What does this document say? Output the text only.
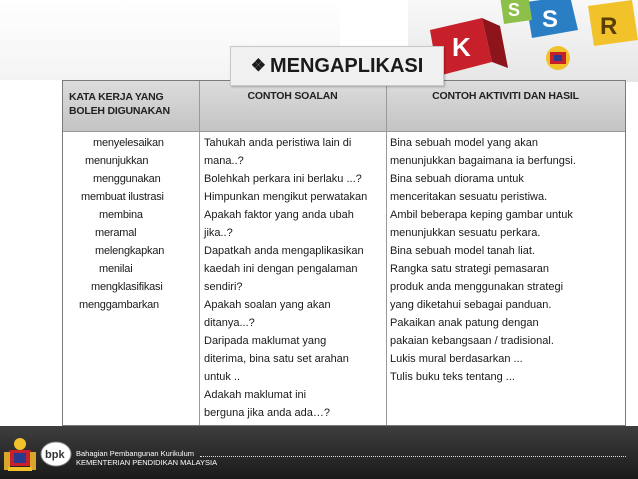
K
S
S
R
❖ MENGAPLIKASI
KATA KERJA YANG
BOLEH DIGUNAKAN
CONTOH SOALAN	CONTOH AKTIVITI DAN HASIL
menyelesaikan
menunjukkan
menggunakan
membuat ilustrasi
membina
meramal
melengkapkan
menilai
mengklasifikasi
menggambarkan
Tahukah anda peristiwa lain di
mana..?
Bolehkah perkara ini berlaku ...?
Himpunkan mengikut perwatakan
Apakah faktor yang anda ubah
jika..?
Dapatkah anda mengaplikasikan
kaedah ini dengan pengalaman
sendiri?
Apakah soalan yang akan
ditanya...?
Daripada maklumat yang
diterima, bina satu set arahan
untuk ..
Adakah maklumat ini
berguna jika anda ada…?
Bina sebuah model yang akan
menunjukkan bagaimana ia berfungsi.
Bina sebuah diorama untuk
menceritakan sesuatu peristiwa.
Ambil beberapa keping gambar untuk
menunjukkan sesuatu perkara.
Bina sebuah model tanah liat.
Rangka satu strategi pemasaran
produk anda menggunakan strategi
yang diketahui sebagai panduan.
Pakaikan anak patung dengan
pakaian kebangsaan / tradisional.
Lukis mural berdasarkan ...
Tulis buku teks tentang ...
bpk Bahagian Pembangunan Kurikulum
KEMENTERIAN PENDIDIKAN MALAYSIA
